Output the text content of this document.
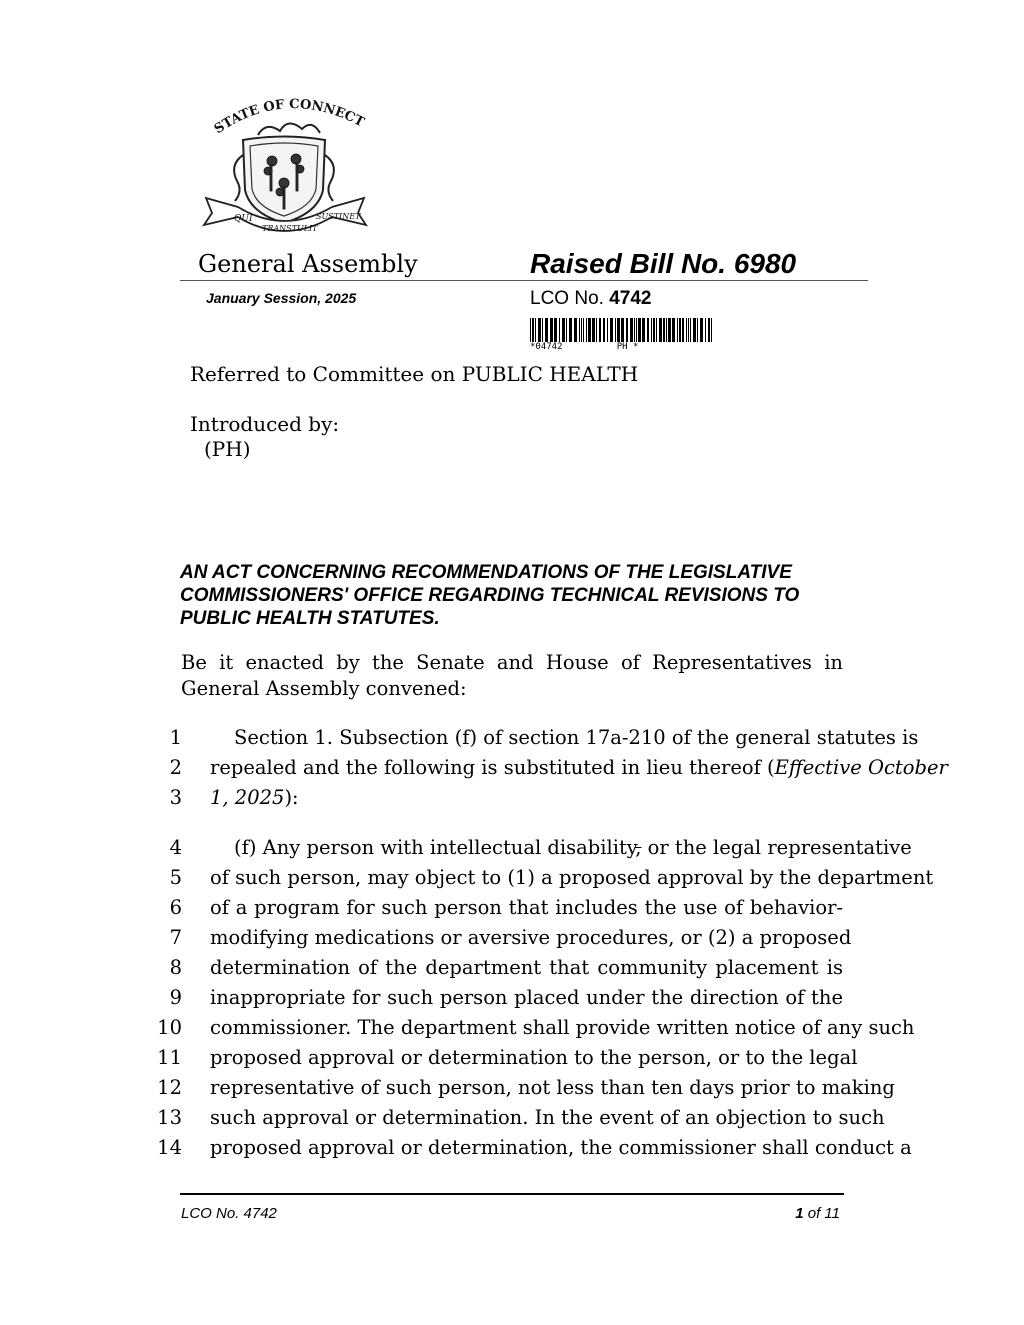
STATE OF CONNECT
QUI
TRANSTULIT
SUSTINET
General Assembly	Raised Bill No. 6980
January Session, 2025	LCO No. 4742
*04742          PH *
Referred to Committee on PUBLIC HEALTH
Introduced by:
(PH)
AN ACT CONCERNING RECOMMENDATIONS OF THE LEGISLATIVE COMMISSIONERS' OFFICE REGARDING TECHNICAL REVISIONS TO PUBLIC HEALTH STATUTES.
Be it enacted by the Senate and House of Representatives in General Assembly convened:
1	Section 1. Subsection (f) of section 17a-210 of the general statutes is
2 repealed and the following is substituted in lieu thereof (Effective October
3 1, 2025):
4	(f) Any person with intellectual disability, or the legal representative
5 of such person, may object to (1) a proposed approval by the department
6 of a program for such person that includes the use of behavior-
7 modifying medications or aversive procedures, or (2) a proposed
8 determination of the department that community placement is
9 inappropriate for such person placed under the direction of the
10 commissioner. The department shall provide written notice of any such
11 proposed approval or determination to the person, or to the legal
12 representative of such person, not less than ten days prior to making
13 such approval or determination. In the event of an objection to such
14 proposed approval or determination, the commissioner shall conduct a
LCO No. 4742	1 of 11
